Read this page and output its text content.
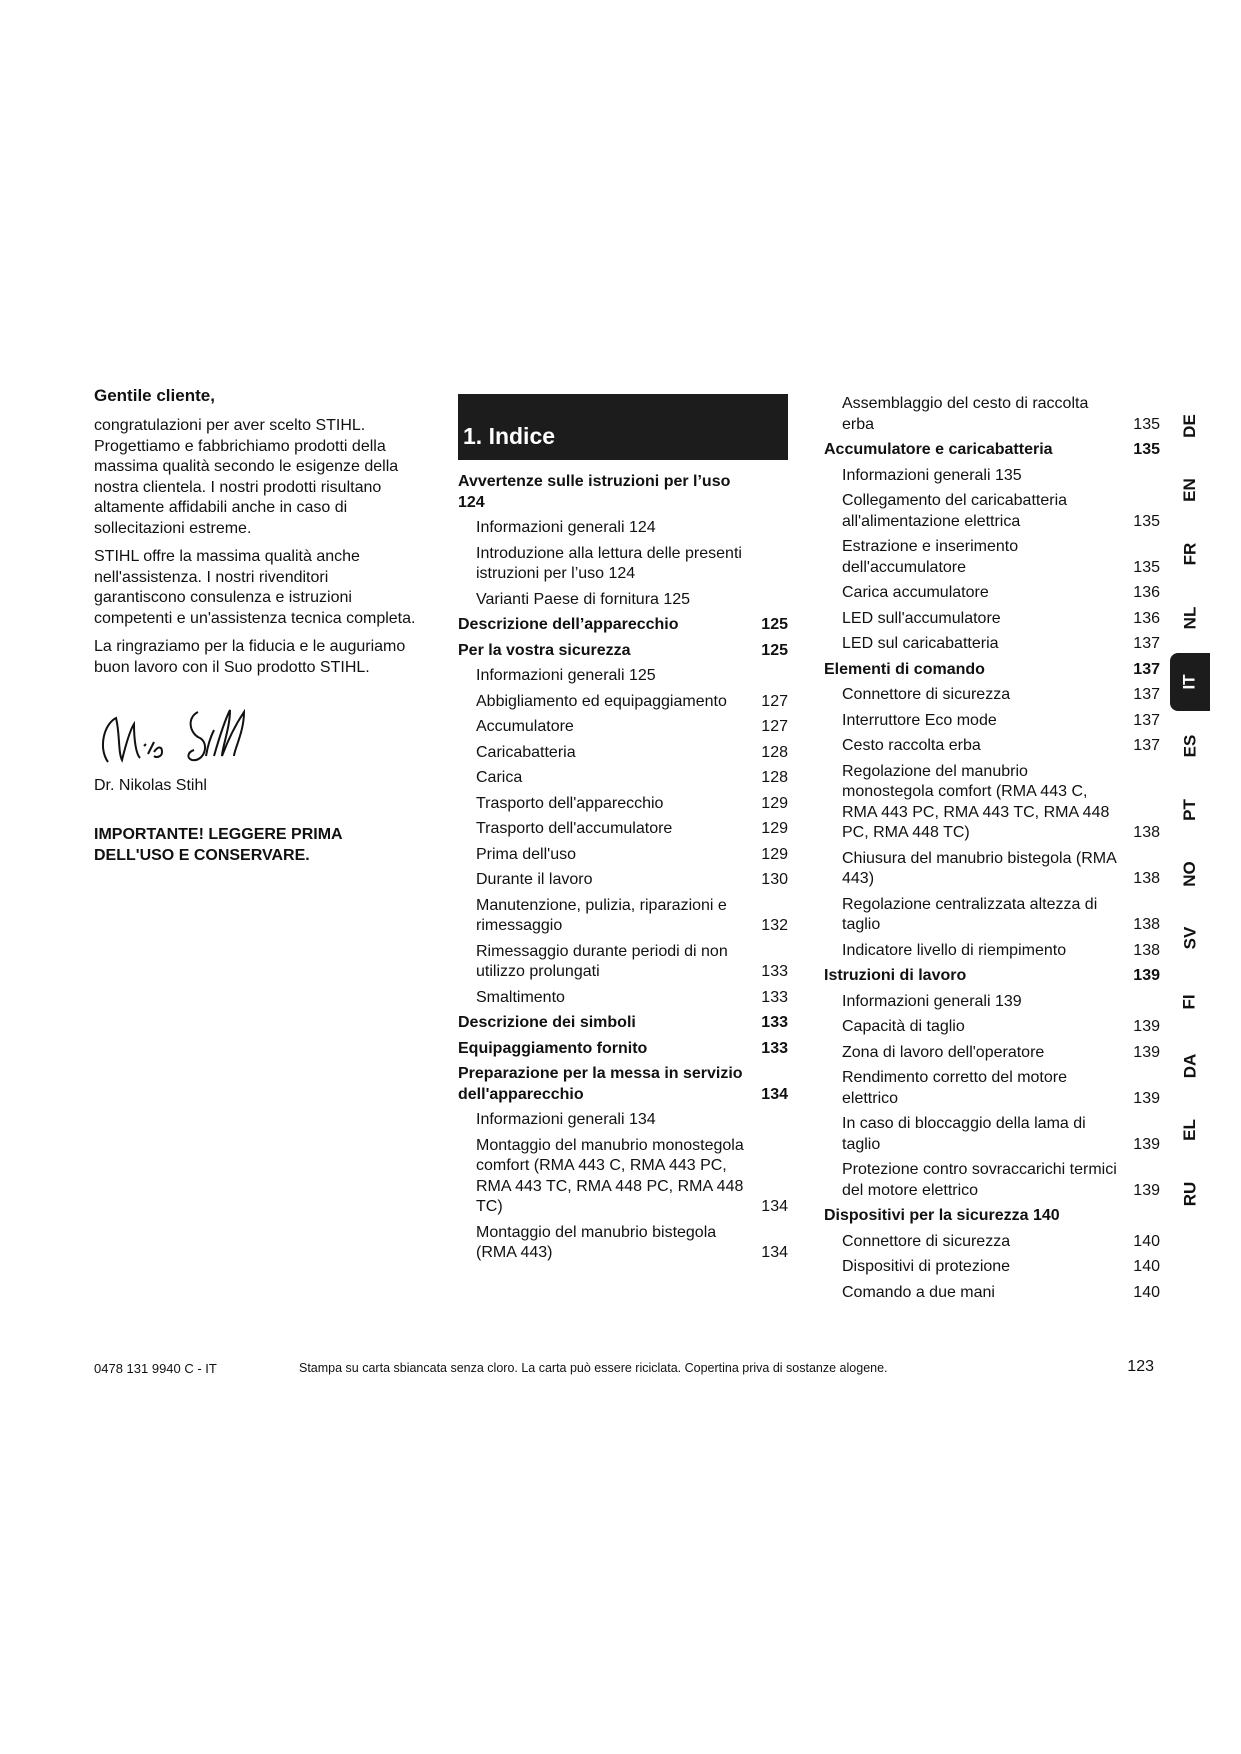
Gentile cliente,

congratulazioni per aver scelto STIHL. Progettiamo e fabbrichiamo prodotti della massima qualità secondo le esigenze della nostra clientela. I nostri prodotti risultano altamente affidabili anche in caso di sollecitazioni estreme.

STIHL offre la massima qualità anche nell'assistenza. I nostri rivenditori garantiscono consulenza e istruzioni competenti e un'assistenza tecnica completa.

La ringraziamo per la fiducia e le auguriamo buon lavoro con il Suo prodotto STIHL.

Dr. Nikolas Stihl
IMPORTANTE! LEGGERE PRIMA DELL'USO E CONSERVARE.
1. Indice
Avvertenze sulle istruzioni per l’uso 124
Informazioni generali 124
Introduzione alla lettura delle presenti istruzioni per l’uso 124
Varianti Paese di fornitura 125
Descrizione dell’apparecchio	125
Per la vostra sicurezza	125
Informazioni generali 125
Abbigliamento ed equipaggiamento	127
Accumulatore	127
Caricabatteria	128
Carica	128
Trasporto dell'apparecchio	129
Trasporto dell'accumulatore	129
Prima dell'uso	129
Durante il lavoro	130
Manutenzione, pulizia, riparazioni e rimessaggio	132
Rimessaggio durante periodi di non utilizzo prolungati	133
Smaltimento	133
Descrizione dei simboli	133
Equipaggiamento fornito	133
Preparazione per la messa in servizio dell'apparecchio	134
Informazioni generali 134
Montaggio del manubrio monostegola comfort (RMA 443 C, RMA 443 PC, RMA 443 TC, RMA 448 PC, RMA 448 TC)	134
Montaggio del manubrio bistegola (RMA 443)	134
Assemblaggio del cesto di raccolta erba	135
Accumulatore e caricabatteria	135
Informazioni generali 135
Collegamento del caricabatteria all'alimentazione elettrica	135
Estrazione e inserimento dell'accumulatore	135
Carica accumulatore	136
LED sull'accumulatore	136
LED sul caricabatteria	137
Elementi di comando	137
Connettore di sicurezza	137
Interruttore Eco mode	137
Cesto raccolta erba	137
Regolazione del manubrio monostegola comfort (RMA 443 C, RMA 443 PC, RMA 443 TC, RMA 448 PC, RMA 448 TC)	138
Chiusura del manubrio bistegola (RMA 443)	138
Regolazione centralizzata altezza di taglio	138
Indicatore livello di riempimento	138
Istruzioni di lavoro	139
Informazioni generali 139
Capacità di taglio	139
Zona di lavoro dell'operatore	139
Rendimento corretto del motore elettrico	139
In caso di bloccaggio della lama di taglio	139
Protezione contro sovraccarichi termici del motore elettrico	139
Dispositivi per la sicurezza 140
Connettore di sicurezza	140
Dispositivi di protezione	140
Comando a due mani	140
DE
EN
FR
NL
IT
ES
PT
NO
SV
FI
DA
EL
RU
0478 131 9940 C - IT	Stampa su carta sbiancata senza cloro. La carta può essere riciclata. Copertina priva di sostanze alogene.	123
